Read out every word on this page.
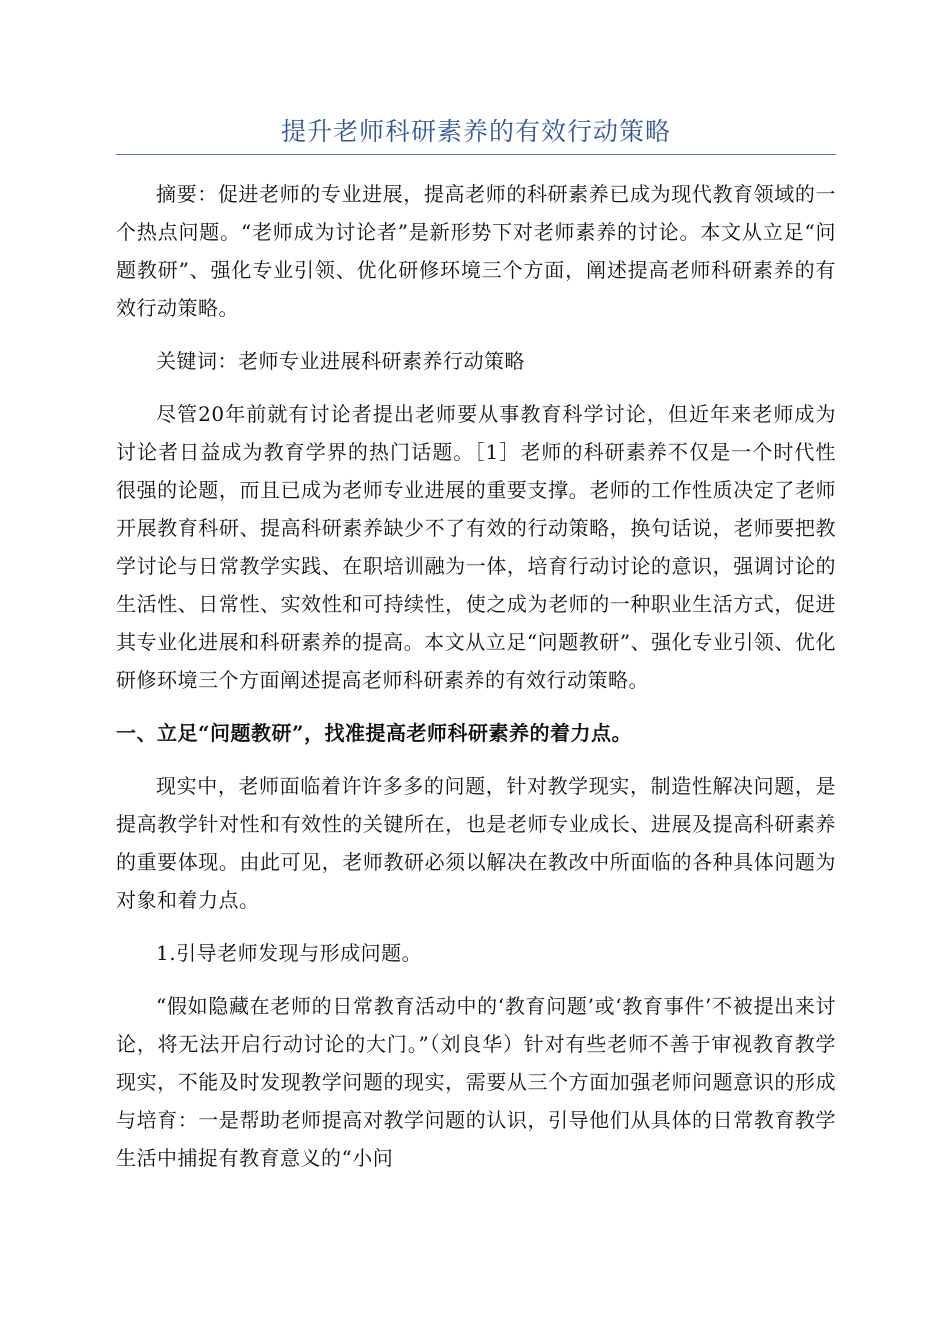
提升老师科研素养的有效行动策略

摘要：促进老师的专业进展，提高老师的科研素养已成为现代教育领域的一个热点问题。“老师成为讨论者”是新形势下对老师素养的讨论。本文从立足“问题教研”、强化专业引领、优化研修环境三个方面，阐述提高老师科研素养的有效行动策略。

关键词：老师专业进展科研素养行动策略

尽管20年前就有讨论者提出老师要从事教育科学讨论，但近年来老师成为讨论者日益成为教育学界的热门话题。［1］老师的科研素养不仅是一个时代性很强的论题，而且已成为老师专业进展的重要支撑。老师的工作性质决定了老师开展教育科研、提高科研素养缺少不了有效的行动策略，换句话说，老师要把教学讨论与日常教学实践、在职培训融为一体，培育行动讨论的意识，强调讨论的生活性、日常性、实效性和可持续性，使之成为老师的一种职业生活方式，促进其专业化进展和科研素养的提高。本文从立足“问题教研”、强化专业引领、优化研修环境三个方面阐述提高老师科研素养的有效行动策略。

一、立足“问题教研”，找准提高老师科研素养的着力点。

现实中，老师面临着许许多多的问题，针对教学现实，制造性解决问题，是提高教学针对性和有效性的关键所在，也是老师专业成长、进展及提高科研素养的重要体现。由此可见，老师教研必须以解决在教改中所面临的各种具体问题为对象和着力点。

1.引导老师发现与形成问题。

“假如隐藏在老师的日常教育活动中的‘教育问题’或‘教育事件’不被提出来讨论，将无法开启行动讨论的大门。”（刘良华）针对有些老师不善于审视教育教学现实，不能及时发现教学问题的现实，需要从三个方面加强老师问题意识的形成与培育：一是帮助老师提高对教学问题的认识，引导他们从具体的日常教育教学生活中捕捉有教育意义的“小问
